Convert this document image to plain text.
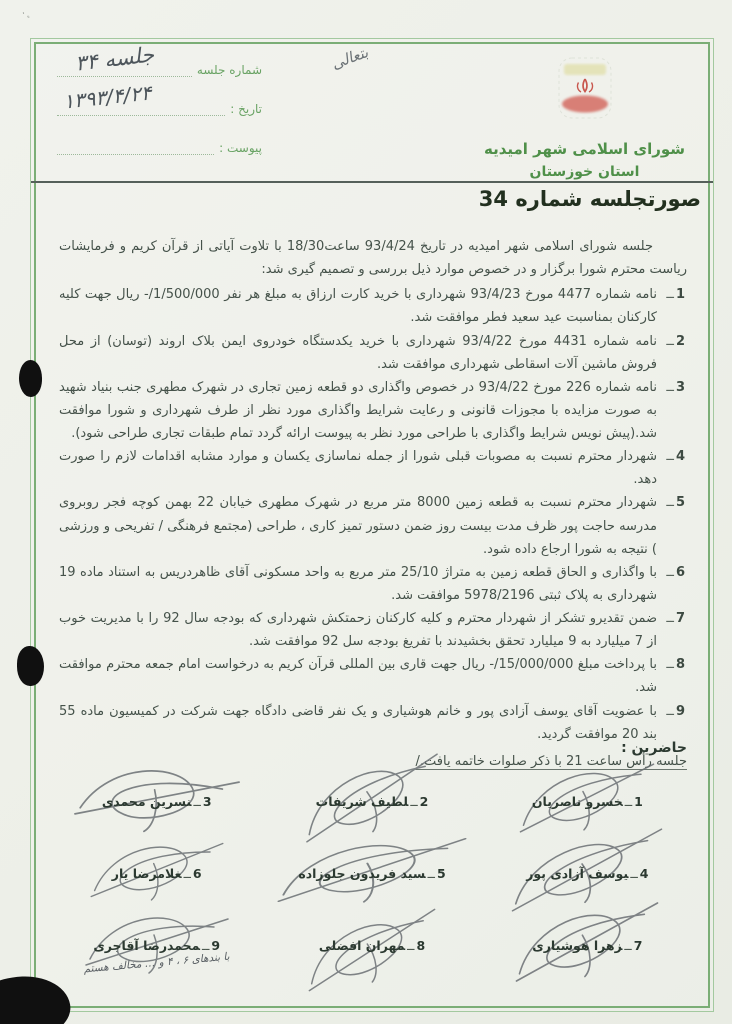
·˛
بتعالی
شماره جلسه
جلسه ۳۴
تاریخ :
۱۳۹۳/۴/۲۴
پیوست :	شورای اسلامی شهر امیدیه
استان خوزستان
صورتجلسه شماره 34

جلسه شورای اسلامی شهر امیدیه در تاریخ 93/4/24 ساعت18/30 با تلاوت آیاتی از قرآن کریم و فرمایشات ریاست محترم شورا برگزار و در خصوص موارد ذیل بررسی و تصمیم گیری شد:

1 ــ
نامه شماره 4477 مورخ 93/4/23 شهرداری با خرید کارت ارزاق به مبلغ هر نفر 1/500/000/- ریال جهت کلیه کارکنان بمناسبت عید سعید فطر موافقت شد.
2 ــ
نامه شماره 4431 مورخ 93/4/22 شهرداری با خرید یکدستگاه خودروی ایمن بلاک اروند (توسان) از محل فروش ماشین آلات اسقاطی شهرداری موافقت شد.
3 ــ
نامه شماره 226 مورخ 93/4/22 در خصوص واگذاری دو قطعه زمین تجاری در شهرک مطهری جنب بنیاد شهید به صورت مزایده با مجوزات قانونی و رعایت شرایط واگذاری مورد نظر از طرف شهرداری و شورا موافقت شد.(پیش نویس شرایط واگذاری با طراحی مورد نظر به پیوست ارائه گردد تمام طبقات تجاری طراحی شود).
4 ــ
شهردار محترم نسبت به مصوبات قبلی شورا از جمله نماسازی یکسان و موارد مشابه اقدامات لازم را صورت دهد.
5 ــ
شهردار محترم نسبت به قطعه زمین 8000 متر مربع در شهرک مطهری خیابان 22 بهمن کوچه فجر روبروی مدرسه حاجت پور ظرف مدت بیست روز ضمن دستور تمیز کاری ، طراحی (مجتمع فرهنگی / تفریحی و ورزشی ) نتیجه به شورا ارجاع داده شود.
6 ــ
با واگذاری و الحاق قطعه زمین به متراژ 25/10 متر مربع به واحد مسکونی آقای ظاهردریس به استناد ماده 19 شهرداری به پلاک ثبتی 5978/2196 موافقت شد.
7 ــ
ضمن تقدیرو تشکر از شهردار محترم و کلیه کارکنان زحمتکش شهرداری که بودجه سال 92 را با مدیریت خوب از 7 میلیارد به 9 میلیارد تحقق بخشیدند با تفریغ بودجه سل 92 موافقت شد.
8 ــ
با پرداخت مبلغ 15/000/000/- ریال جهت قاری بین المللی قرآن کریم به درخواست امام جمعه محترم موافقت شد.
9 ــ
با عضویت آقای یوسف آزادی پور و خانم هوشیاری و یک نفر قاضی دادگاه جهت شرکت در کمیسیون ماده 55 بند 20 موافقت گردید.

جلسه رأس ساعت 21 با ذکر صلوات خاتمه یافت./

حاضرین :
1 ــخسرو ناصریان
2 ــلطیف شریفات
3 ــنسرین محمدی
4 ــیوسف آزادی پور
5 ــسید فریدون جلوزاده
6 ــغلامرضا یار
7 ــزهرا هوشیاری
8 ــمهران افضلی
9 ــمحمدرضا آقاجری
با بندهای ۶ ، ۴ و … مخالف هستم
